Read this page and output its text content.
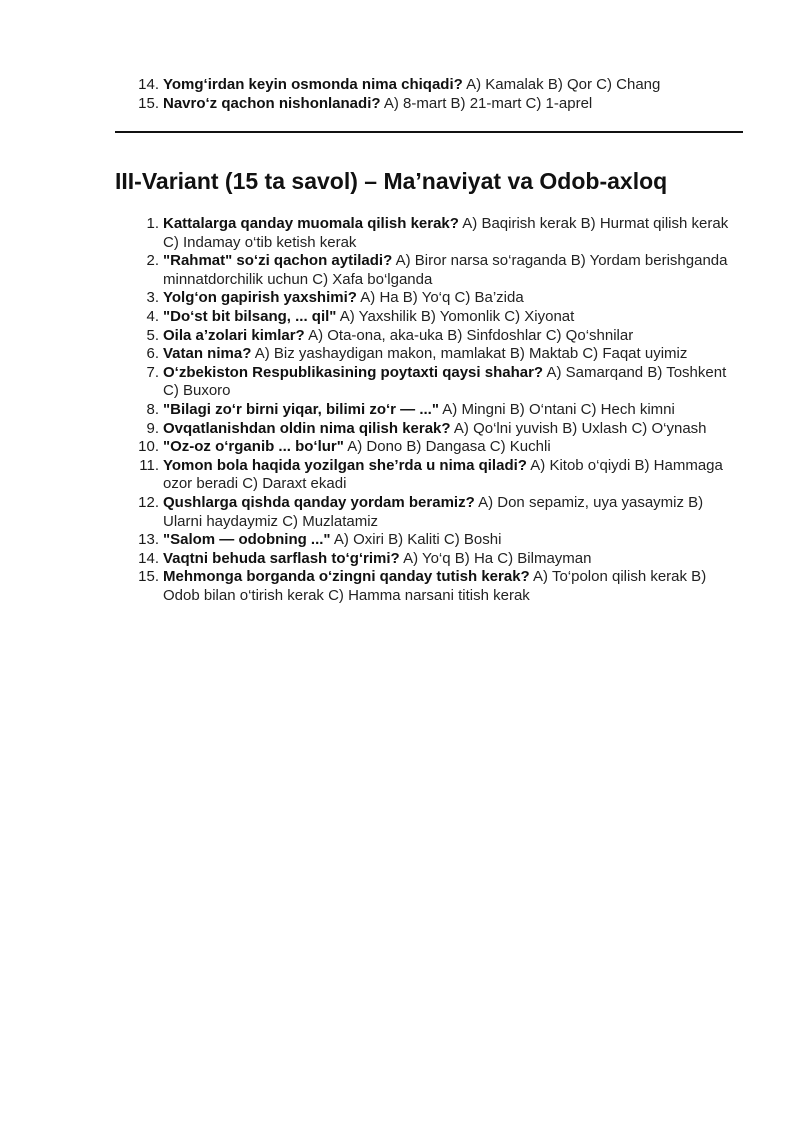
14. Yomg‘irdan keyin osmonda nima chiqadi? A) Kamalak B) Qor C) Chang
15. Navro‘z qachon nishonlanadi? A) 8-mart B) 21-mart C) 1-aprel
III-Variant (15 ta savol) – Ma’naviyat va Odob-axloq
1. Kattalarga qanday muomala qilish kerak? A) Baqirish kerak B) Hurmat qilish kerak C) Indamay o‘tib ketish kerak
2. "Rahmat" so‘zi qachon aytiladi? A) Biror narsa so‘raganda B) Yordam berishganda minnatdorchilik uchun C) Xafa bo‘lganda
3. Yolg‘on gapirish yaxshimi? A) Ha B) Yo‘q C) Ba’zida
4. "Do‘st bit bilsang, ... qil" A) Yaxshilik B) Yomonlik C) Xiyonat
5. Oila a’zolari kimlar? A) Ota-ona, aka-uka B) Sinfdoshlar C) Qo‘shnilar
6. Vatan nima? A) Biz yashaydigan makon, mamlakat B) Maktab C) Faqat uyimiz
7. O‘zbekiston Respublikasining poytaxti qaysi shahar? A) Samarqand B) Toshkent C) Buxoro
8. "Bilagi zo‘r birni yiqar, bilimi zo‘r — ..." A) Mingni B) O‘ntani C) Hech kimni
9. Ovqatlanishdan oldin nima qilish kerak? A) Qo‘lni yuvish B) Uxlash C) O‘ynash
10. "Oz-oz o‘rganib ... bo‘lur" A) Dono B) Dangasa C) Kuchli
11. Yomon bola haqida yozilgan she’rda u nima qiladi? A) Kitob o‘qiydi B) Hammaga ozor beradi C) Daraxt ekadi
12. Qushlarga qishda qanday yordam beramiz? A) Don sepamiz, uya yasaymiz B) Ularni haydaymiz C) Muzlatamiz
13. "Salom — odobning ..." A) Oxiri B) Kaliti C) Boshi
14. Vaqtni behuda sarflash to‘g‘rimi? A) Yo‘q B) Ha C) Bilmayman
15. Mehmonga borganda o‘zingni qanday tutish kerak? A) To‘polon qilish kerak B) Odob bilan o‘tirish kerak C) Hamma narsani titish kerak
